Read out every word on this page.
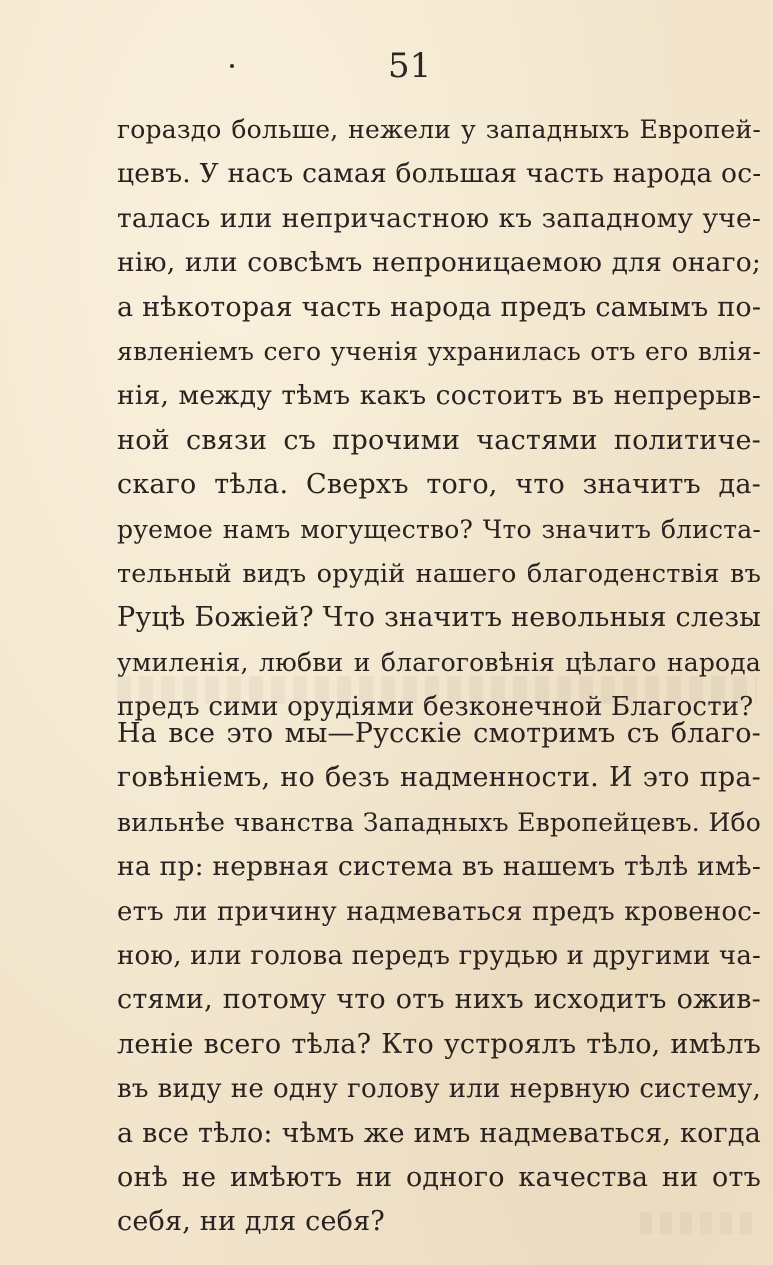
51
гораздо больше, нежели у западныхъ Европей-
цевъ. У насъ самая большая часть народа ос-
талась или непричастною къ западному уче-
нію, или совсѣмъ непроницаемою для онаго;
а нѣкоторая часть народа предъ самымъ по-
явленіемъ сего ученія уxранилась отъ его влія-
нія, между тѣмъ какъ состоитъ въ непрерыв-
ной связи съ прочими частями политиче-
скаго тѣла. Сверхъ того, что значитъ да-
руемое намъ могущество? Что значитъ блиста-
тельный видъ орудій нашего благоденствія въ
Руцѣ Божіей? Что значитъ невольныя слезы
умиленія, любви и благоговѣнія цѣлаго народа
предъ сими орудіями безконечной Благости?
На все это мы—Русскіе смотримъ съ благо-
говѣніемъ, но безъ надменности. И это пра-
вильнѣе чванства Западныхъ Европейцевъ. Ибо
на пр: нервная система въ нашемъ тѣлѣ имѣ-
етъ ли причину надмеваться предъ кровенос-
ною, или голова передъ грудью и другими ча-
стями, потому что отъ нихъ исходитъ ожив-
леніе всего тѣла? Кто устроялъ тѣло, имѣлъ
въ виду не одну голову или нервную систему,
а все тѣло: чѣмъ же имъ надмеваться, когда
онѣ не имѣютъ ни одного качества ни отъ
себя, ни для себя?
